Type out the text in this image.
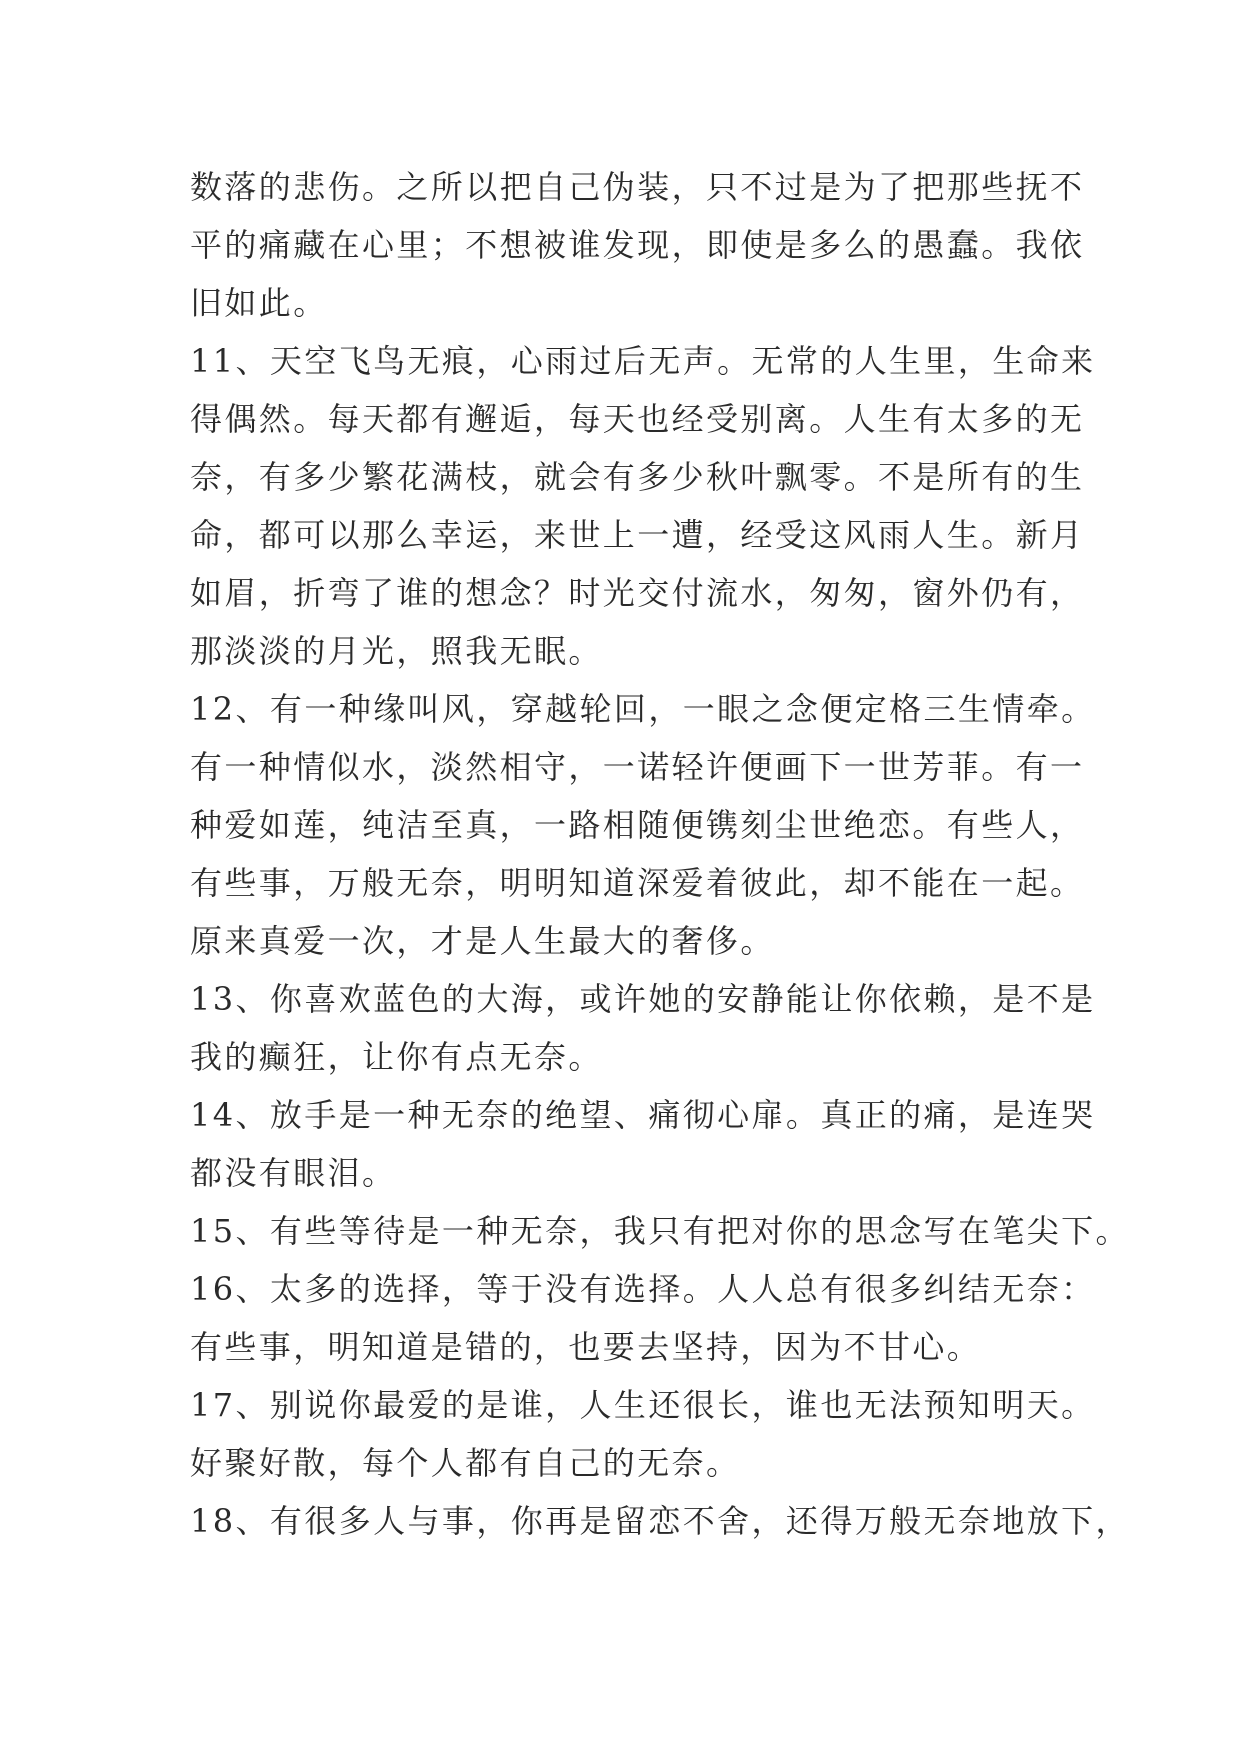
数落的悲伤。之所以把自己伪装，只不过是为了把那些抚不
平的痛藏在心里；不想被谁发现，即使是多么的愚蠢。我依
旧如此。
11、天空飞鸟无痕，心雨过后无声。无常的人生里，生命来
得偶然。每天都有邂逅，每天也经受别离。人生有太多的无
奈，有多少繁花满枝，就会有多少秋叶飘零。不是所有的生
命，都可以那么幸运，来世上一遭，经受这风雨人生。新月
如眉，折弯了谁的想念？时光交付流水，匆匆，窗外仍有，
那淡淡的月光，照我无眠。
12、有一种缘叫风，穿越轮回，一眼之念便定格三生情牵。
有一种情似水，淡然相守，一诺轻许便画下一世芳菲。有一
种爱如莲，纯洁至真，一路相随便镌刻尘世绝恋。有些人，
有些事，万般无奈，明明知道深爱着彼此，却不能在一起。
原来真爱一次，才是人生最大的奢侈。
13、你喜欢蓝色的大海，或许她的安静能让你依赖，是不是
我的癫狂，让你有点无奈。
14、放手是一种无奈的绝望、痛彻心扉。真正的痛，是连哭
都没有眼泪。
15、有些等待是一种无奈，我只有把对你的思念写在笔尖下。
16、太多的选择，等于没有选择。人人总有很多纠结无奈：
有些事，明知道是错的，也要去坚持，因为不甘心。
17、别说你最爱的是谁，人生还很长，谁也无法预知明天。
好聚好散，每个人都有自己的无奈。
18、有很多人与事，你再是留恋不舍，还得万般无奈地放下，
